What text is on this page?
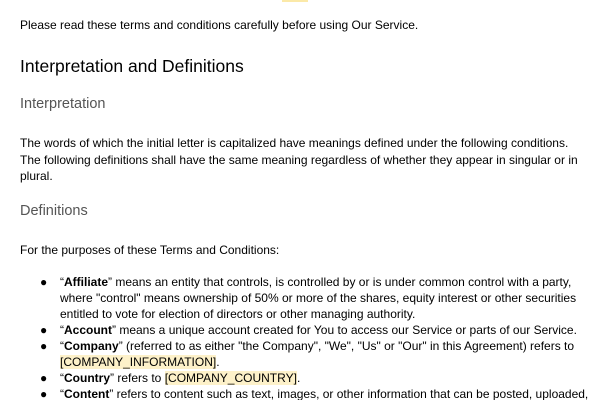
Please read these terms and conditions carefully before using Our Service.
Interpretation and Definitions
Interpretation
The words of which the initial letter is capitalized have meanings defined under the following conditions.
The following definitions shall have the same meaning regardless of whether they appear in singular or in
plural.
Definitions
For the purposes of these Terms and Conditions:
● “Affiliate” means an entity that controls, is controlled by or is under common control with a party,
where "control" means ownership of 50% or more of the shares, equity interest or other securities
entitled to vote for election of directors or other managing authority.
● “Account” means a unique account created for You to access our Service or parts of our Service.
● “Company” (referred to as either "the Company", "We", "Us" or "Our" in this Agreement) refers to
[COMPANY_INFORMATION].
● “Country” refers to [COMPANY_COUNTRY].
● “Content” refers to content such as text, images, or other information that can be posted, uploaded,
